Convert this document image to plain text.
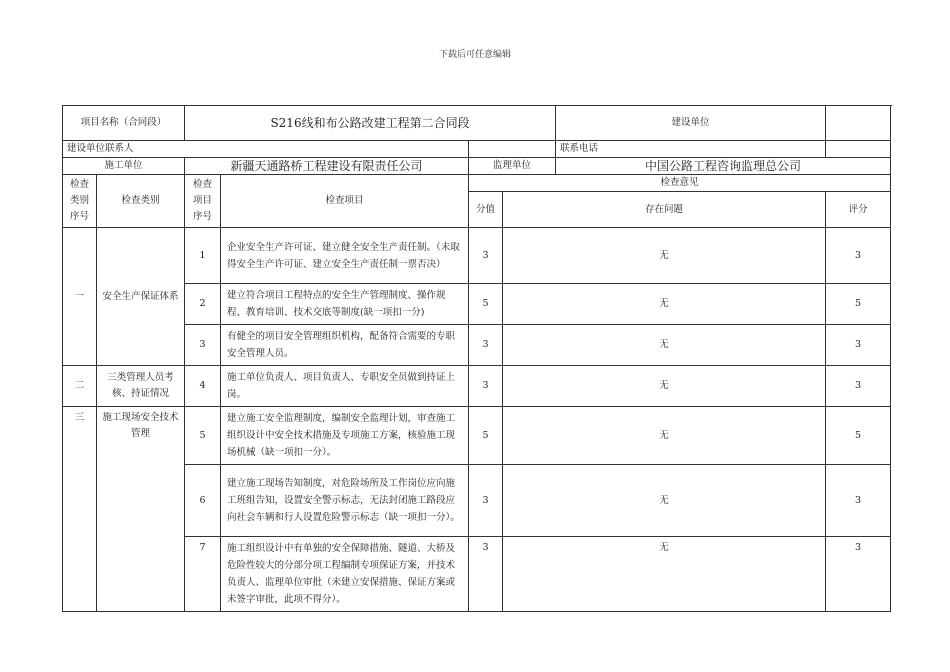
下载后可任意编辑
项目名称（合同段）		S216线和布公路改建工程第二合同段				建设单位	
建设单位联系人						联系电话	
施工单位		新疆天通路桥工程建设有限责任公司		监理单位		中国公路工程咨询监理总公司	
检查类别序号	检查类别	检查项目序号	检查项目	检查意见			
				分值	存在问题		评分
一	安全生产保证体系	1	企业安全生产许可证、建立健全安全生产责任制。（未取得安全生产许可证、建立安全生产责任制一票否决）	3	无		3
		2	建立符合项目工程特点的安全生产管理制度、操作规程、教育培训、技术交底等制度(缺一项扣一分)	5	无		5
		3	有健全的项目安全管理组织机构，配备符合需要的专职安全管理人员。	3	无		3
二	三类管理人员考核、持证情况	4	施工单位负责人、项目负责人、专职安全员做到持证上岗。	3	无		3
三	施工现场安全技术管理	5	建立施工安全监理制度，编制安全监理计划，审查施工组织设计中安全技术措施及专项施工方案，核验施工现场机械（缺一项扣一分）。	5	无		5
		6	建立施工现场告知制度，对危险场所及工作岗位应向施工班组告知，设置安全警示标志，无法封闭施工路段应向社会车辆和行人设置危险警示标志（缺一项扣一分）。	3	无		3
		7	施工组织设计中有单独的安全保障措施、隧道、大桥及危险性较大的分部分项工程编制专项保证方案，并技术负责人、监理单位审批（未建立安保措施、保证方案或未签字审批，此项不得分）。	3	无		3
